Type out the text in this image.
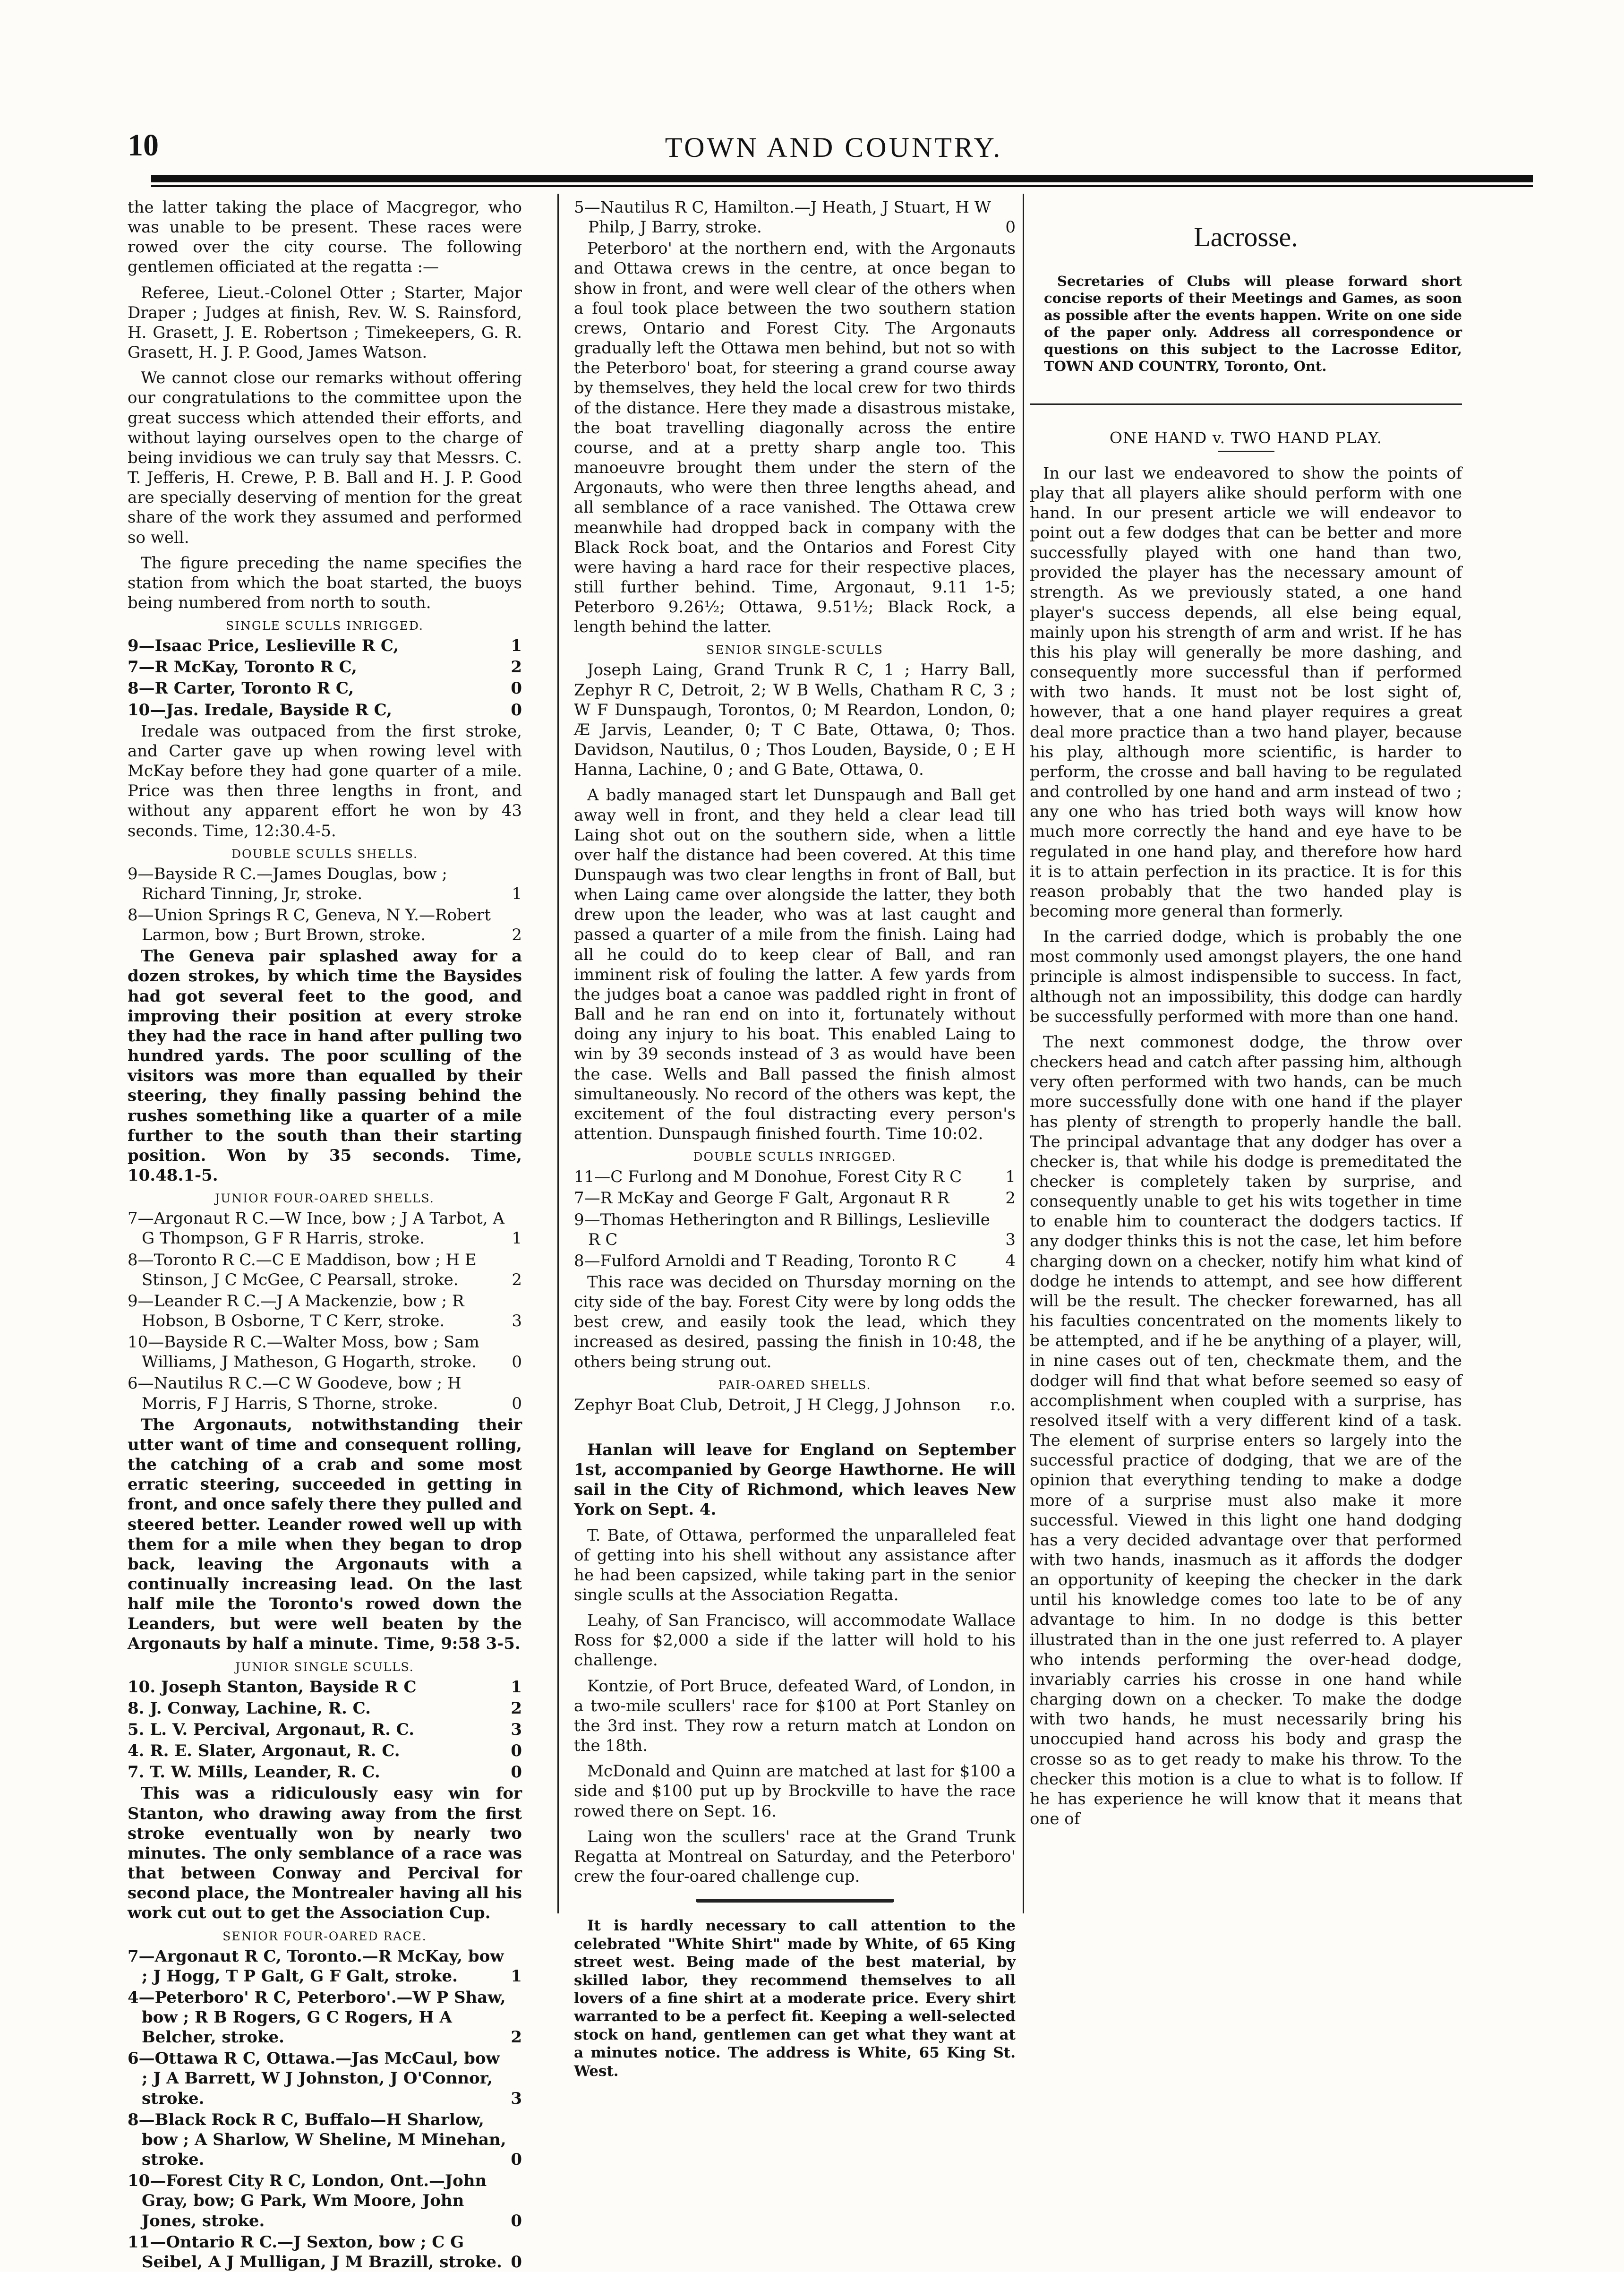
10	TOWN AND COUNTRY.

the latter taking the place of Macgregor, who was unable to be present. These races were rowed over the city course. The following gentlemen officiated at the regatta :—

Referee, Lieut.-Colonel Otter ; Starter, Major Draper ; Judges at finish, Rev. W. S. Rainsford, H. Grasett, J. E. Robertson ; Timekeepers, G. R. Grasett, H. J. P. Good, James Watson.

We cannot close our remarks without offering our congratulations to the committee upon the great success which attended their efforts, and without laying ourselves open to the charge of being invidious we can truly say that Messrs. C. T. Jefferis, H. Crewe, P. B. Ball and H. J. P. Good are specially deserving of mention for the great share of the work they assumed and performed so well.

The figure preceding the name specifies the station from which the boat started, the buoys being numbered from north to south.

SINGLE SCULLS INRIGGED.
9—Isaac Price, Leslieville R C,	1
7—R McKay, Toronto R C,	2
8—R Carter, Toronto R C,	0
10—Jas. Iredale, Bayside R C,	0

Iredale was outpaced from the first stroke, and Carter gave up when rowing level with McKay before they had gone quarter of a mile. Price was then three lengths in front, and without any apparent effort he won by 43 seconds. Time, 12:30.4-5.

DOUBLE SCULLS SHELLS.
9—Bayside R C.—James Douglas, bow ; Richard Tinning, Jr, stroke.	1
8—Union Springs R C, Geneva, N Y.—Robert Larmon, bow ; Burt Brown, stroke.	2

The Geneva pair splashed away for a dozen strokes, by which time the Baysides had got several feet to the good, and improving their position at every stroke they had the race in hand after pulling two hundred yards. The poor sculling of the visitors was more than equalled by their steering, they finally passing behind the rushes something like a quarter of a mile further to the south than their starting position. Won by 35 seconds. Time, 10.48.1-5.

JUNIOR FOUR-OARED SHELLS.
7—Argonaut R C.—W Ince, bow ; J A Tarbot, A G Thompson, G F R Harris, stroke.	1
8—Toronto R C.—C E Maddison, bow ; H E Stinson, J C McGee, C Pearsall, stroke.	2
9—Leander R C.—J A Mackenzie, bow ; R Hobson, B Osborne, T C Kerr, stroke.	3
10—Bayside R C.—Walter Moss, bow ; Sam Williams, J Matheson, G Hogarth, stroke.	0
6—Nautilus R C.—C W Goodeve, bow ; H Morris, F J Harris, S Thorne, stroke.	0

The Argonauts, notwithstanding their utter want of time and consequent rolling, the catching of a crab and some most erratic steering, succeeded in getting in front, and once safely there they pulled and steered better. Leander rowed well up with them for a mile when they began to drop back, leaving the Argonauts with a continually increasing lead. On the last half mile the Toronto's rowed down the Leanders, but were well beaten by the Argonauts by half a minute. Time, 9:58 3-5.

JUNIOR SINGLE SCULLS.
10. Joseph Stanton, Bayside R C	1
8. J. Conway, Lachine, R. C.	2
5. L. V. Percival, Argonaut, R. C.	3
4. R. E. Slater, Argonaut, R. C.	0
7. T. W. Mills, Leander, R. C.	0

This was a ridiculously easy win for Stanton, who drawing away from the first stroke eventually won by nearly two minutes. The only semblance of a race was that between Conway and Percival for second place, the Montrealer having all his work cut out to get the Association Cup.

SENIOR FOUR-OARED RACE.
7—Argonaut R C, Toronto.—R McKay, bow ; J Hogg, T P Galt, G F Galt, stroke.	1
4—Peterboro' R C, Peterboro'.—W P Shaw, bow ; R B Rogers, G C Rogers, H A Belcher, stroke.	2
6—Ottawa R C, Ottawa.—Jas McCaul, bow ; J A Barrett, W J Johnston, J O'Connor, stroke.	3
8—Black Rock R C, Buffalo—H Sharlow, bow ; A Sharlow, W Sheline, M Minehan, stroke.	0
10—Forest City R C, London, Ont.—John Gray, bow; G Park, Wm Moore, John Jones, stroke.	0
11—Ontario R C.—J Sexton, bow ; C G Seibel, A J Mulligan, J M Brazill, stroke. 0
5—Nautilus R C, Hamilton.—J Heath, J Stuart, H W Philp, J Barry, stroke.	0

Peterboro' at the northern end, with the Argonauts and Ottawa crews in the centre, at once began to show in front, and were well clear of the others when a foul took place between the two southern station crews, Ontario and Forest City. The Argonauts gradually left the Ottawa men behind, but not so with the Peterboro' boat, for steering a grand course away by themselves, they held the local crew for two thirds of the distance. Here they made a disastrous mistake, the boat travelling diagonally across the entire course, and at a pretty sharp angle too. This manoeuvre brought them under the stern of the Argonauts, who were then three lengths ahead, and all semblance of a race vanished. The Ottawa crew meanwhile had dropped back in company with the Black Rock boat, and the Ontarios and Forest City were having a hard race for their respective places, still further behind. Time, Argonaut, 9.11 1-5; Peterboro 9.26½; Ottawa, 9.51½; Black Rock, a length behind the latter.

SENIOR SINGLE-SCULLS

Joseph Laing, Grand Trunk R C, 1 ; Harry Ball, Zephyr R C, Detroit, 2; W B Wells, Chatham R C, 3 ; W F Dunspaugh, Torontos, 0; M Reardon, London, 0; Æ Jarvis, Leander, 0; T C Bate, Ottawa, 0; Thos. Davidson, Nautilus, 0 ; Thos Louden, Bayside, 0 ; E H Hanna, Lachine, 0 ; and G Bate, Ottawa, 0.

A badly managed start let Dunspaugh and Ball get away well in front, and they held a clear lead till Laing shot out on the southern side, when a little over half the distance had been covered. At this time Dunspaugh was two clear lengths in front of Ball, but when Laing came over alongside the latter, they both drew upon the leader, who was at last caught and passed a quarter of a mile from the finish. Laing had all he could do to keep clear of Ball, and ran imminent risk of fouling the latter. A few yards from the judges boat a canoe was paddled right in front of Ball and he ran end on into it, fortunately without doing any injury to his boat. This enabled Laing to win by 39 seconds instead of 3 as would have been the case. Wells and Ball passed the finish almost simultaneously. No record of the others was kept, the excitement of the foul distracting every person's attention. Dunspaugh finished fourth. Time 10:02.

DOUBLE SCULLS INRIGGED.
11—C Furlong and M Donohue, Forest City R C	1
7—R McKay and George F Galt, Argonaut R R	2
9—Thomas Hetherington and R Billings, Leslieville R C	3
8—Fulford Arnoldi and T Reading, Toronto R C	4

This race was decided on Thursday morning on the city side of the bay. Forest City were by long odds the best crew, and easily took the lead, which they increased as desired, passing the finish in 10:48, the others being strung out.

PAIR-OARED SHELLS.
Zephyr Boat Club, Detroit, J H Clegg, J Johnson	r.o.

Hanlan will leave for England on September 1st, accompanied by George Hawthorne. He will sail in the City of Richmond, which leaves New York on Sept. 4.

T. Bate, of Ottawa, performed the unparalleled feat of getting into his shell without any assistance after he had been capsized, while taking part in the senior single sculls at the Association Regatta.

Leahy, of San Francisco, will accommodate Wallace Ross for $2,000 a side if the latter will hold to his challenge.

Kontzie, of Port Bruce, defeated Ward, of London, in a two-mile scullers' race for $100 at Port Stanley on the 3rd inst. They row a return match at London on the 18th.

McDonald and Quinn are matched at last for $100 a side and $100 put up by Brockville to have the race rowed there on Sept. 16.

Laing won the scullers' race at the Grand Trunk Regatta at Montreal on Saturday, and the Peterboro' crew the four-oared challenge cup.

It is hardly necessary to call attention to the celebrated "White Shirt" made by White, of 65 King street west. Being made of the best material, by skilled labor, they recommend themselves to all lovers of a fine shirt at a moderate price. Every shirt warranted to be a perfect fit. Keeping a well-selected stock on hand, gentlemen can get what they want at a minutes notice. The address is White, 65 King St. West.

Lacrosse.

Secretaries of Clubs will please forward short concise reports of their Meetings and Games, as soon as possible after the events happen. Write on one side of the paper only. Address all correspondence or questions on this subject to the Lacrosse Editor, TOWN AND COUNTRY, Toronto, Ont.

ONE HAND v. TWO HAND PLAY.

In our last we endeavored to show the points of play that all players alike should perform with one hand. In our present article we will endeavor to point out a few dodges that can be better and more successfully played with one hand than two, provided the player has the necessary amount of strength. As we previously stated, a one hand player's success depends, all else being equal, mainly upon his strength of arm and wrist. If he has this his play will generally be more dashing, and consequently more successful than if performed with two hands. It must not be lost sight of, however, that a one hand player requires a great deal more practice than a two hand player, because his play, although more scientific, is harder to perform, the crosse and ball having to be regulated and controlled by one hand and arm instead of two ; any one who has tried both ways will know how much more correctly the hand and eye have to be regulated in one hand play, and therefore how hard it is to attain perfection in its practice. It is for this reason probably that the two handed play is becoming more general than formerly.

In the carried dodge, which is probably the one most commonly used amongst players, the one hand principle is almost indispensible to success. In fact, although not an impossibility, this dodge can hardly be successfully performed with more than one hand.

The next commonest dodge, the throw over checkers head and catch after passing him, although very often performed with two hands, can be much more successfully done with one hand if the player has plenty of strength to properly handle the ball. The principal advantage that any dodger has over a checker is, that while his dodge is premeditated the checker is completely taken by surprise, and consequently unable to get his wits together in time to enable him to counteract the dodgers tactics. If any dodger thinks this is not the case, let him before charging down on a checker, notify him what kind of dodge he intends to attempt, and see how different will be the result. The checker forewarned, has all his faculties concentrated on the moments likely to be attempted, and if he be anything of a player, will, in nine cases out of ten, checkmate them, and the dodger will find that what before seemed so easy of accomplishment when coupled with a surprise, has resolved itself with a very different kind of a task. The element of surprise enters so largely into the successful practice of dodging, that we are of the opinion that everything tending to make a dodge more of a surprise must also make it more successful. Viewed in this light one hand dodging has a very decided advantage over that performed with two hands, inasmuch as it affords the dodger an opportunity of keeping the checker in the dark until his knowledge comes too late to be of any advantage to him. In no dodge is this better illustrated than in the one just referred to. A player who intends performing the over-head dodge, invariably carries his crosse in one hand while charging down on a checker. To make the dodge with two hands, he must necessarily bring his unoccupied hand across his body and grasp the crosse so as to get ready to make his throw. To the checker this motion is a clue to what is to follow. If he has experience he will know that it means that one of
